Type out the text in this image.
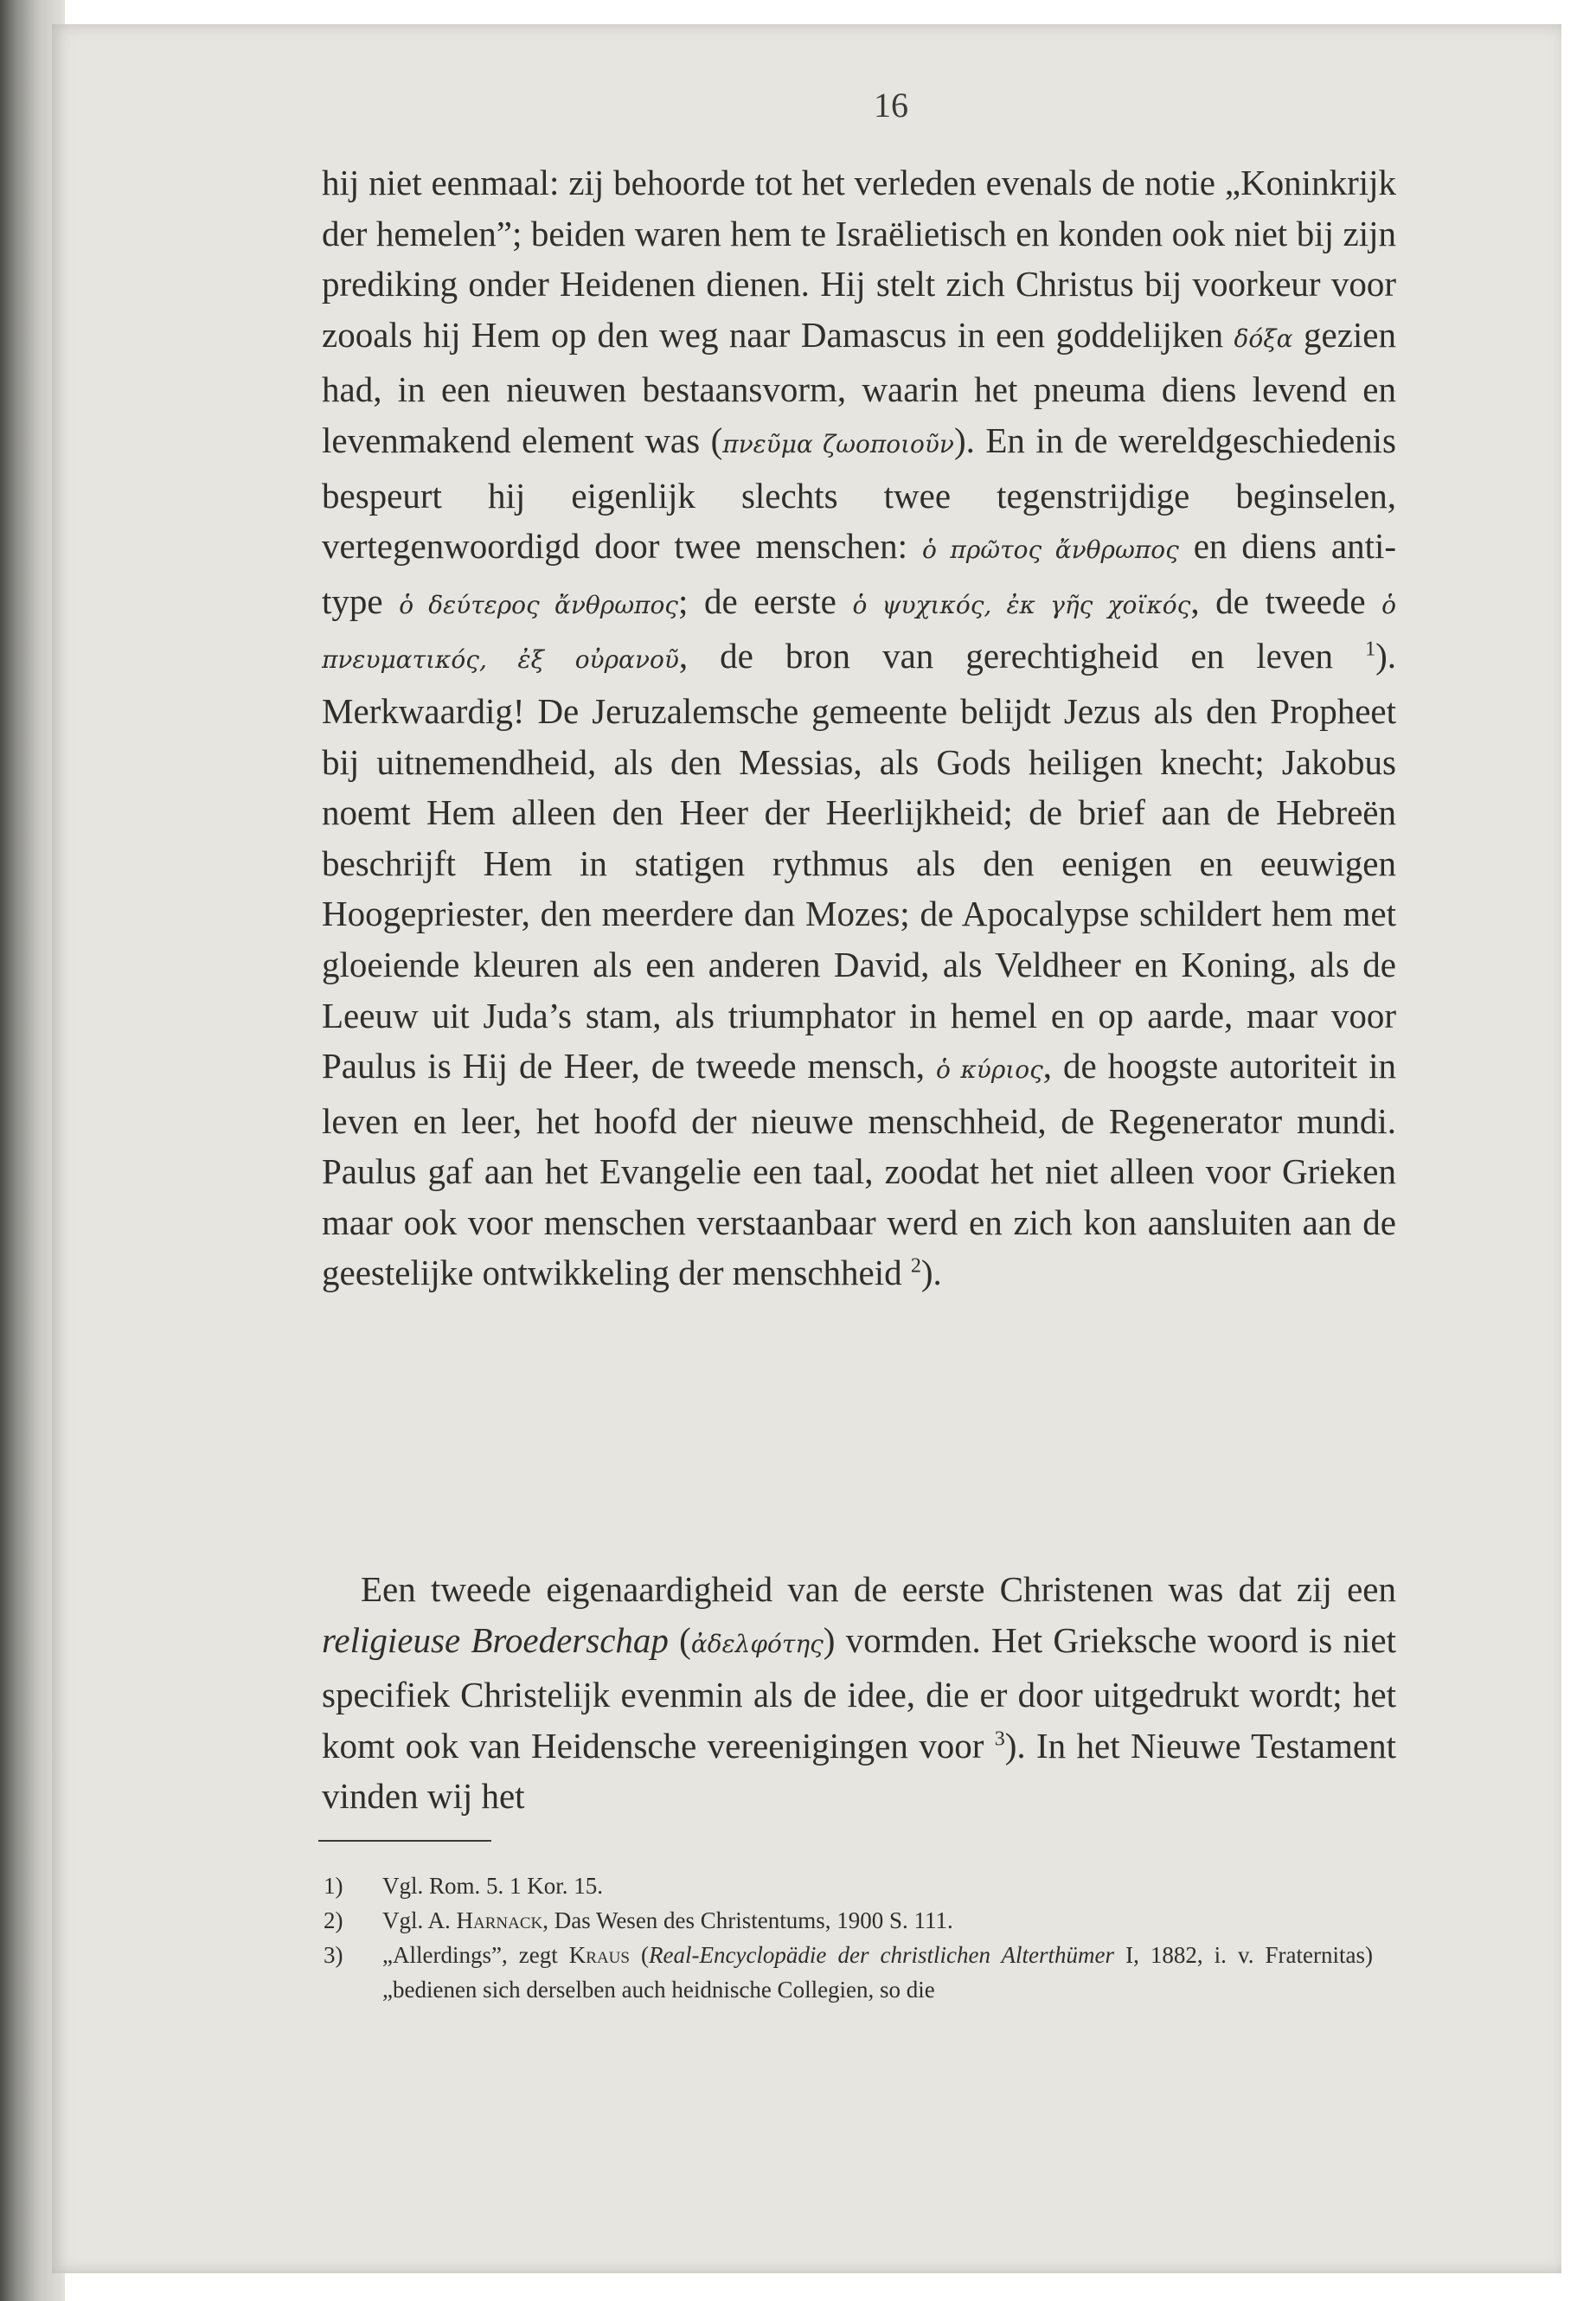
16

hij niet eenmaal: zij behoorde tot het verleden evenals de notie „Koninkrijk der hemelen”; beiden waren hem te Israëlietisch en konden ook niet bij zijn prediking onder Heidenen dienen. Hij stelt zich Christus bij voorkeur voor zooals hij Hem op den weg naar Damascus in een goddelijken δόξα gezien had, in een nieuwen bestaansvorm, waarin het pneuma diens levend en levenmakend element was (πνεῦμα ζωοποιοῦν). En in de wereldgeschiedenis bespeurt hij eigenlijk slechts twee tegenstrijdige beginselen, vertegenwoordigd door twee menschen: ὁ πρῶτος ἄνθρωπος en diens anti-type ὁ δεύτερος ἄνθρωπος; de eerste ὁ ψυχικός, ἐκ γῆς χοϊκός, de tweede ὁ πνευματικός, ἐξ οὐρανοῦ, de bron van gerechtigheid en leven $^1$). Merkwaardig! De Jeruzalemsche gemeente belijdt Jezus als den Propheet bij uitnemendheid, als den Messias, als Gods heiligen knecht; Jakobus noemt Hem alleen den Heer der Heerlijkheid; de brief aan de Hebreën beschrijft Hem in statigen rythmus als den eenigen en eeuwigen Hoogepriester, den meerdere dan Mozes; de Apocalypse schildert hem met gloeiende kleuren als een anderen David, als Veldheer en Koning, als de Leeuw uit Juda’s stam, als triumphator in hemel en op aarde, maar voor Paulus is Hij de Heer, de tweede mensch, ὁ κύριος, de hoogste autoriteit in leven en leer, het hoofd der nieuwe menschheid, de Regenerator mundi. Paulus gaf aan het Evangelie een taal, zoodat het niet alleen voor Grieken maar ook voor menschen verstaanbaar werd en zich kon aansluiten aan de geestelijke ontwikkeling der menschheid $^2$).

Een tweede eigenaardigheid van de eerste Christenen was dat zij een religieuse Broederschap (ἀδελφότης) vormden. Het Grieksche woord is niet specifiek Christelijk evenmin als de idee, die er door uitgedrukt wordt; het komt ook van Heidensche vereenigingen voor $^3$). In het Nieuwe Testament vinden wij het

1) Vgl. Rom. 5. 1 Kor. 15.

2) Vgl. A. Harnack, Das Wesen des Christentums, 1900 S. 111.

3) „Allerdings”, zegt Kraus (Real-Encyclopädie der christlichen Alterthümer I, 1882, i. v. Fraternitas) „bedienen sich derselben auch heidnische Collegien, so die
